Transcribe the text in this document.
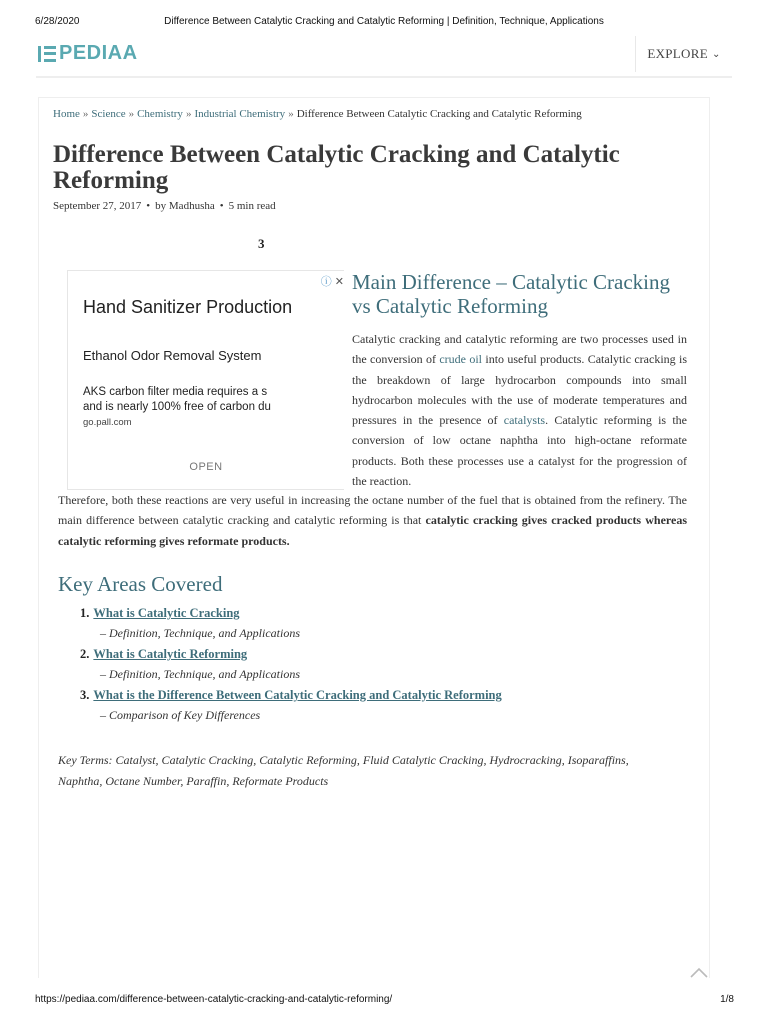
6/28/2020	Difference Between Catalytic Cracking and Catalytic Reforming | Definition, Technique, Applications
PEDIAA	EXPLORE ⌄
Home » Science » Chemistry » Industrial Chemistry » Difference Between Catalytic Cracking and Catalytic Reforming
Difference Between Catalytic Cracking and Catalytic Reforming
September 27, 2017 • by Madhusha • 5 min read
3
ⓘ ✕
Hand Sanitizer Production
Ethanol Odor Removal System
AKS carbon filter media requires a s
and is nearly 100% free of carbon du
go.pall.com
OPEN
Main Difference – Catalytic Cracking vs Catalytic Reforming

Catalytic cracking and catalytic reforming are two processes used in the conversion of crude oil into useful products. Catalytic cracking is the breakdown of large hydrocarbon compounds into small hydrocarbon molecules with the use of moderate temperatures and pressures in the presence of catalysts. Catalytic reforming is the conversion of low octane naphtha into high-octane reformate products. Both these processes use a catalyst for the progression of the reaction.

Therefore, both these reactions are very useful in increasing the octane number of the fuel that is obtained from the refinery. The main difference between catalytic cracking and catalytic reforming is that catalytic cracking gives cracked products whereas catalytic reforming gives reformate products.

Key Areas Covered
1. What is Catalytic Cracking
– Definition, Technique, and Applications
2. What is Catalytic Reforming
– Definition, Technique, and Applications
3. What is the Difference Between Catalytic Cracking and Catalytic Reforming
– Comparison of Key Differences

Key Terms: Catalyst, Catalytic Cracking, Catalytic Reforming, Fluid Catalytic Cracking, Hydrocracking, Isoparaffins, Naphtha, Octane Number, Paraffin, Reformate Products

https://pediaa.com/difference-between-catalytic-cracking-and-catalytic-reforming/	1/8
